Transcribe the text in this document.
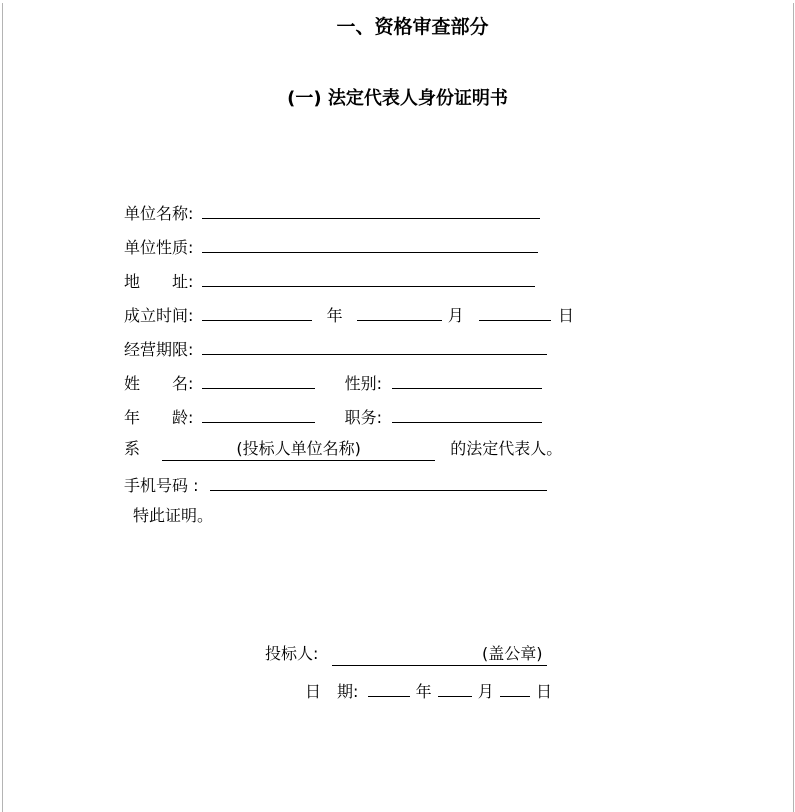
一、资格审查部分
(一) 法定代表人身份证明书
单位名称:
单位性质:
地　　址:
成立时间:	年	月	日
经营期限:
姓　　名:	性别:
年　　龄:	职务:
系	(投标人单位名称)	的法定代表人。
手机号码 :
特此证明。
投标人:	(盖公章)
日　期:	年	月	日
